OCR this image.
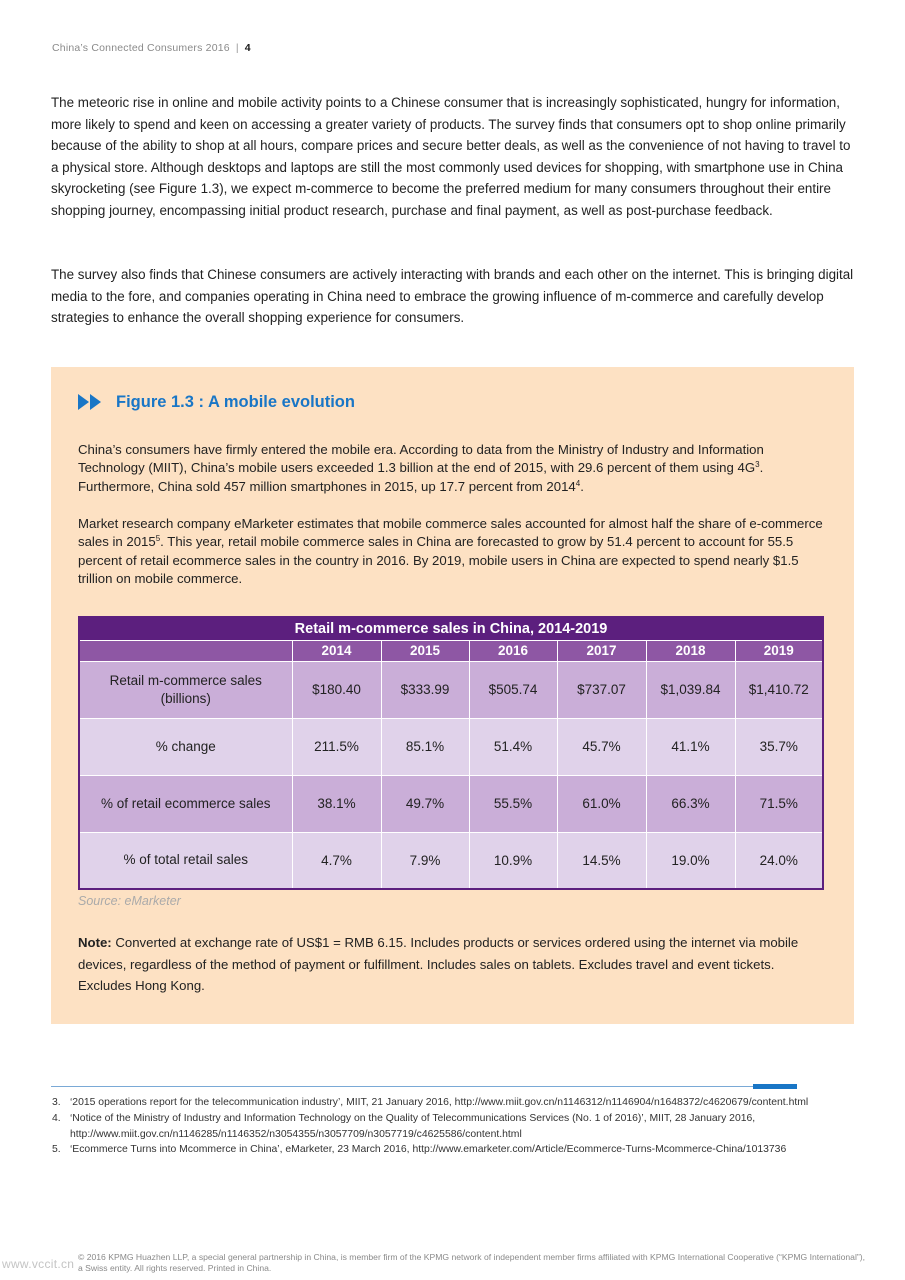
China’s Connected Consumers 2016 | 4

The meteoric rise in online and mobile activity points to a Chinese consumer that is increasingly sophisticated, hungry for information, more likely to spend and keen on accessing a greater variety of products. The survey finds that consumers opt to shop online primarily because of the ability to shop at all hours, compare prices and secure better deals, as well as the convenience of not having to travel to a physical store. Although desktops and laptops are still the most commonly used devices for shopping, with smartphone use in China skyrocketing (see Figure 1.3), we expect m-commerce to become the preferred medium for many consumers throughout their entire shopping journey, encompassing initial product research, purchase and final payment, as well as post-purchase feedback.

The survey also finds that Chinese consumers are actively interacting with brands and each other on the internet. This is bringing digital media to the fore, and companies operating in China need to embrace the growing influence of m-commerce and carefully develop strategies to enhance the overall shopping experience for consumers.

Figure 1.3 : A mobile evolution

China’s consumers have firmly entered the mobile era. According to data from the Ministry of Industry and Information Technology (MIIT), China’s mobile users exceeded 1.3 billion at the end of 2015, with 29.6 percent of them using $4G^3$. Furthermore, China sold 457 million smartphones in 2015, up 17.7 percent from 2014$^4$.

Market research company eMarketer estimates that mobile commerce sales accounted for almost half the share of e-commerce sales in 2015$^5$. This year, retail mobile commerce sales in China are forecasted to grow by 51.4 percent to account for 55.5 percent of retail ecommerce sales in the country in 2016. By 2019, mobile users in China are expected to spend nearly $1.5 trillion on mobile commerce.

Retail m-commerce sales in China, 2014-2019						
	2014	2015	2016	2017	2018	2019
Retail m-commerce sales (billions)	$180.40	$333.99	$505.74	$737.07	$1,039.84	$1,410.72
% change	211.5%	85.1%	51.4%	45.7%	41.1%	35.7%
% of retail ecommerce sales	38.1%	49.7%	55.5%	61.0%	66.3%	71.5%
% of total retail sales	4.7%	7.9%	10.9%	14.5%	19.0%	24.0%
Source: eMarketer

Note: Converted at exchange rate of US$1 = RMB 6.15. Includes products or services ordered using the internet via mobile devices, regardless of the method of payment or fulfillment. Includes sales on tablets. Excludes travel and event tickets. Excludes Hong Kong.

3. ‘2015 operations report for the telecommunication industry’, MIIT, 21 January 2016, http://www.miit.gov.cn/n1146312/n1146904/n1648372/c4620679/content.html
4. ‘Notice of the Ministry of Industry and Information Technology on the Quality of Telecommunications Services (No. 1 of 2016)’, MIIT, 28 January 2016, http://www.miit.gov.cn/n1146285/n1146352/n3054355/n3057709/n3057719/c4625586/content.html
5. ‘Ecommerce Turns into Mcommerce in China’, eMarketer, 23 March 2016, http://www.emarketer.com/Article/Ecommerce-Turns-Mcommerce-China/1013736
© 2016 KPMG Huazhen LLP, a special general partnership in China, is member firm of the KPMG network of independent member firms affiliated with KPMG International Cooperative (“KPMG International”), a Swiss entity. All rights reserved. Printed in China.
www.vccit.cn
